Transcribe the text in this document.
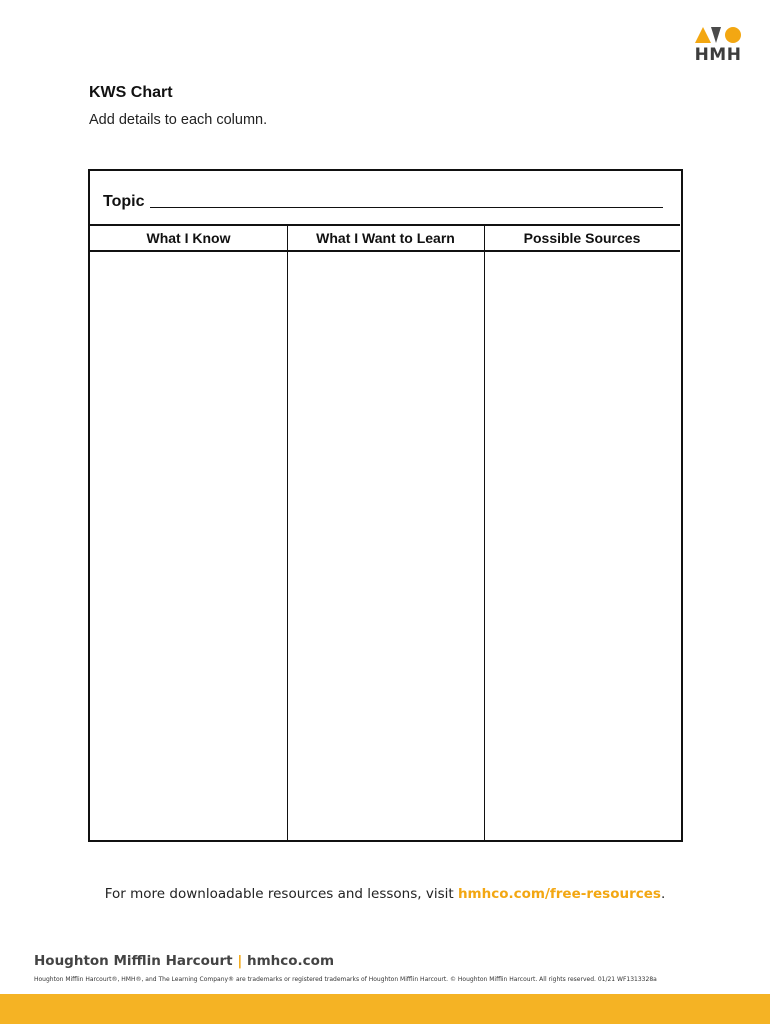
HMH
KWS Chart
Add details to each column.
Topic
What I Know	What I Want to Learn	Possible Sources
For more downloadable resources and lessons, visit hmhco.com/free-resources.
Houghton Mifflin Harcourt | hmhco.com
Houghton Mifflin Harcourt®, HMH®, and The Learning Company® are trademarks or registered trademarks of Houghton Mifflin Harcourt. © Houghton Mifflin Harcourt. All rights reserved. 01/21 WF1313328a
